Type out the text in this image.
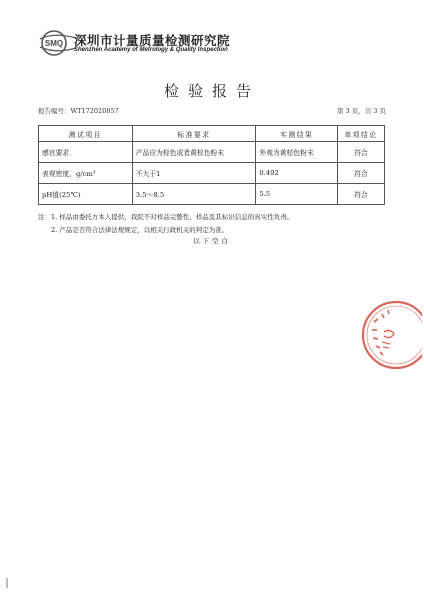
SMQ 深圳市计量质量检测研究院
Shenzhen Academy of Metrology & Quality Inspection
检验报告
报告编号：WT172020857	第 3 页，共 3 页
测试项目	标准要求	实测结果	单项结论
感官要求	产品应为棕色或者黄棕色粉末	外观为黄棕色粉末	符合
表观密度，g/cm³	不大于1	0.492	符合
pH值(25℃)	3.5～8.5	5.5	符合
注：1. 样品由委托方本人提供，我院不对样品完整性、样品及其标识信息的真实性负责。
2. 产品是否符合法律法规规定，以相关行政机关的判定为准。
以下空白
